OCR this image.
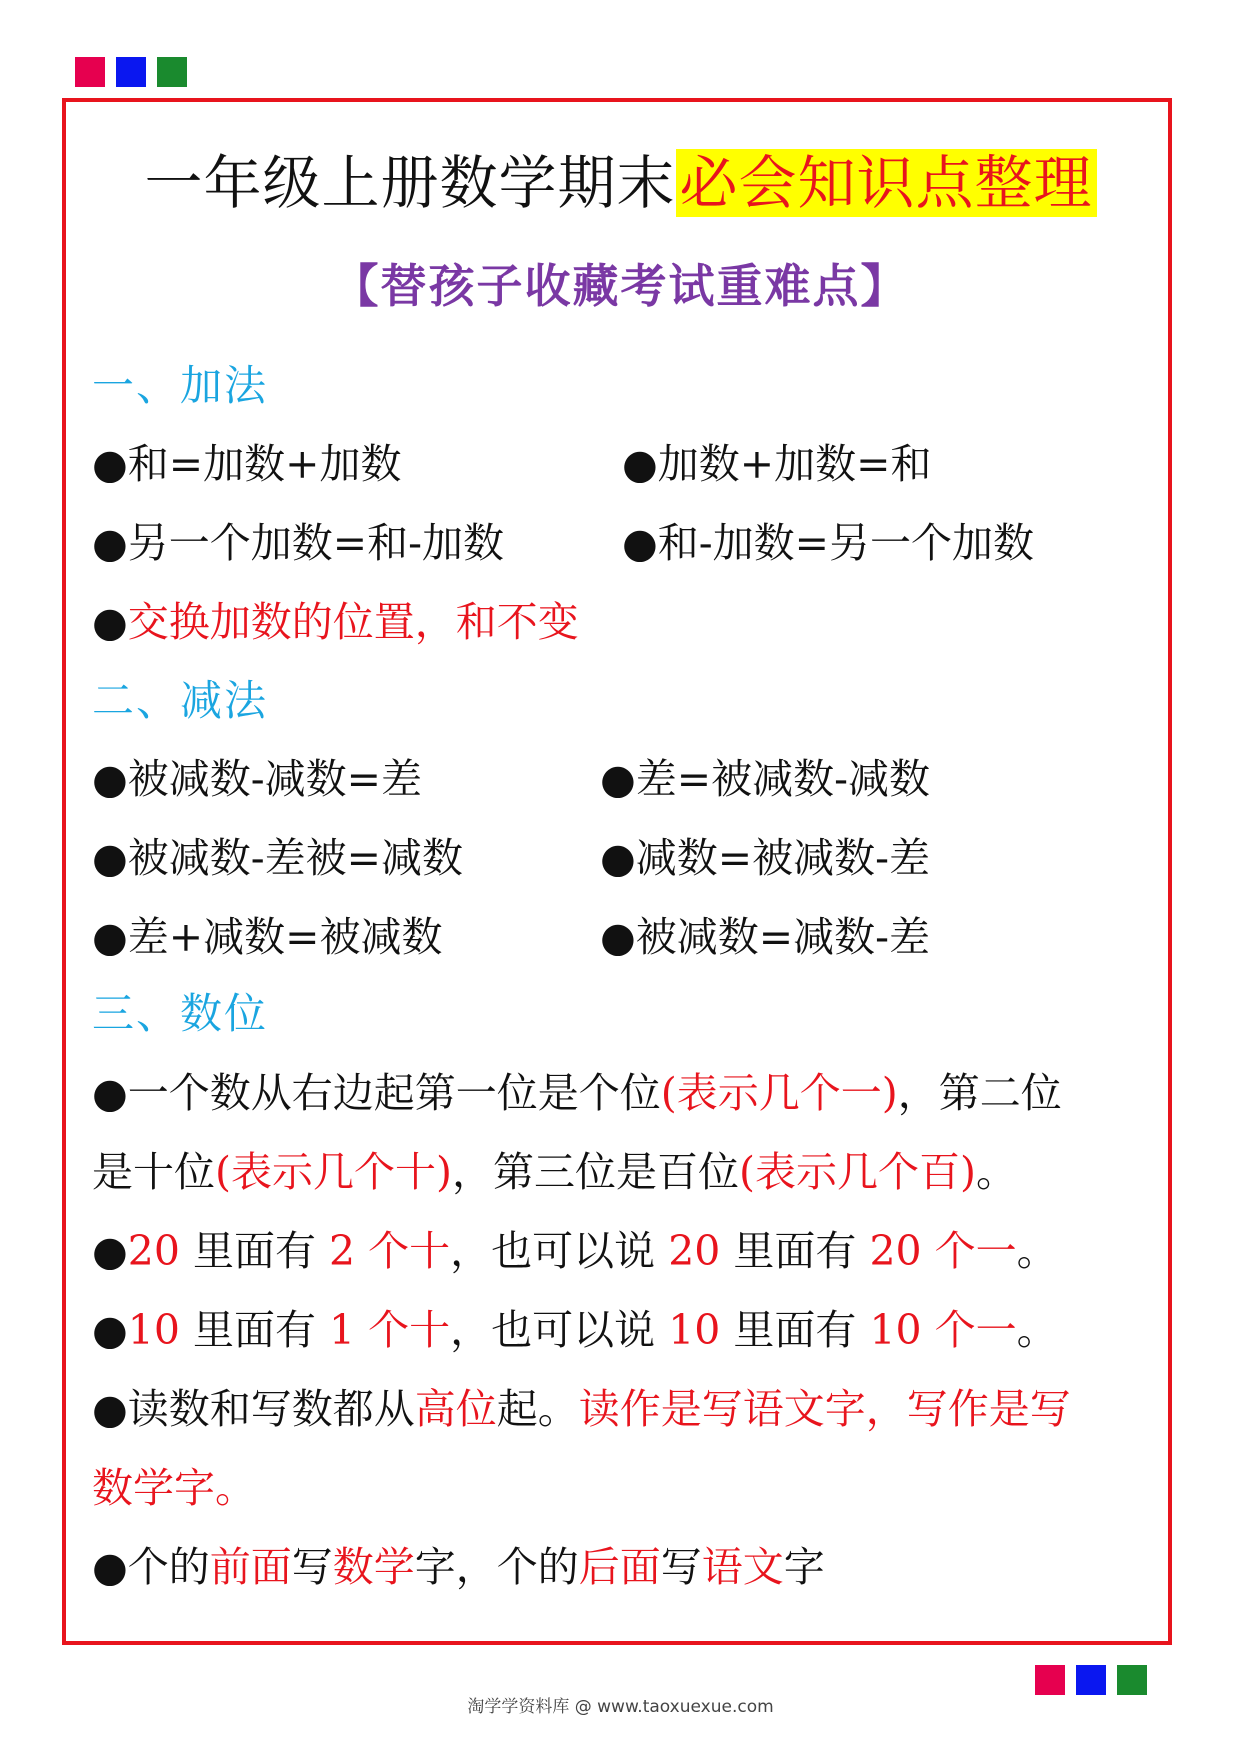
一年级上册数学期末必会知识点整理
【替孩子收藏考试重难点】
一、加法
●和=加数+加数	●加数+加数=和
●另一个加数=和-加数	●和-加数=另一个加数
●交换加数的位置，和不变
二、减法
●被减数-减数=差	●差=被减数-减数
●被减数-差被=减数	●减数=被减数-差
●差+减数=被减数	●被减数=减数-差
三、数位
●一个数从右边起第一位是个位(表示几个一)，第二位
是十位(表示几个十)，第三位是百位(表示几个百)。
●20 里面有 2 个十，也可以说 20 里面有 20 个一。
●10 里面有 1 个十，也可以说 10 里面有 10 个一。
●读数和写数都从高位起。读作是写语文字，写作是写
数学字。
●个的前面写数学字，个的后面写语文字
淘学学资料库 @ www.taoxuexue.com
